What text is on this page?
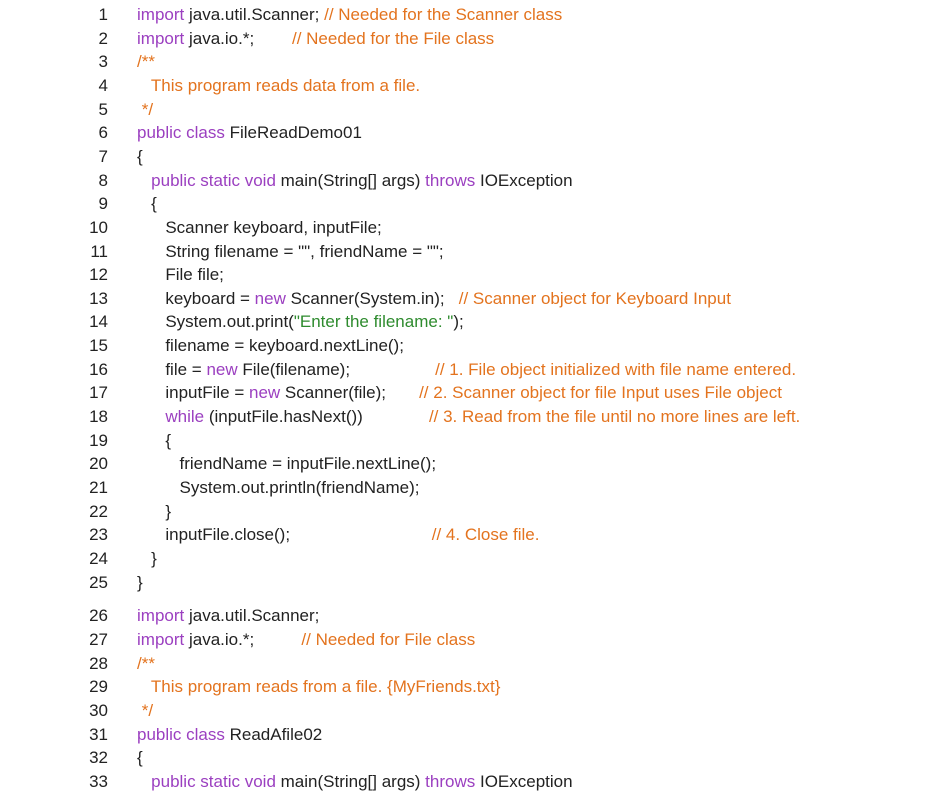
1 import java.util.Scanner; // Needed for the Scanner class
2 import java.io.*;        // Needed for the File class
3 /**
4 This program reads data from a file.
5 */
6 public class FileReadDemo01
7 {
8 public static void main(String[] args) throws IOException
9 {
10 Scanner keyboard, inputFile;
11 String filename = "", friendName = "";
12 File file;
13 keyboard = new Scanner(System.in);   // Scanner object for Keyboard Input
14 System.out.print("Enter the filename: ");
15 filename = keyboard.nextLine();
16 file = new File(filename);                  // 1. File object initialized with file name entered.
17 inputFile = new Scanner(file);       // 2. Scanner object for file Input uses File object
18 while (inputFile.hasNext())              // 3. Read from the file until no more lines are left.
19 {
20 friendName = inputFile.nextLine();
21 System.out.println(friendName);
22 }
23 inputFile.close();                              // 4. Close file.
24 }
25 }
26 import java.util.Scanner;
27 import java.io.*;          // Needed for File class
28 /**
29 This program reads from a file. {MyFriends.txt}
30 */
31 public class ReadAfile02
32 {
33 public static void main(String[] args) throws IOException
